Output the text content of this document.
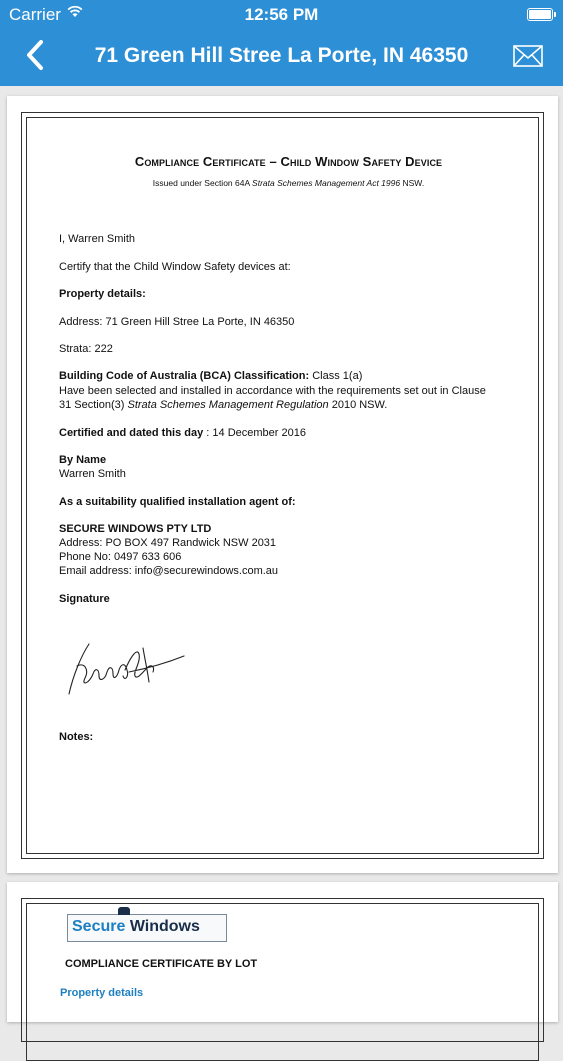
Carrier	12:56 PM
71 Green Hill Stree La Porte, IN 46350
Compliance Certificate – Child Window Safety Device
Issued under Section 64A Strata Schemes Management Act 1996 NSW.
I, Warren Smith
Certify that the Child Window Safety devices at:
Property details:
Address: 71 Green Hill Stree La Porte, IN 46350
Strata: 222
Building Code of Australia (BCA) Classification: Class 1(a)
Have been selected and installed in accordance with the requirements set out in Clause
31 Section(3) Strata Schemes Management Regulation 2010 NSW.
Certified and dated this day : 14 December 2016
By Name
Warren Smith
As a suitability qualified installation agent of:
SECURE WINDOWS PTY LTD
Address: PO BOX 497 Randwick NSW 2031
Phone No: 0497 633 606
Email address: info@securewindows.com.au
Signature
Notes:
Secure Windows
COMPLIANCE CERTIFICATE BY LOT
Property details
